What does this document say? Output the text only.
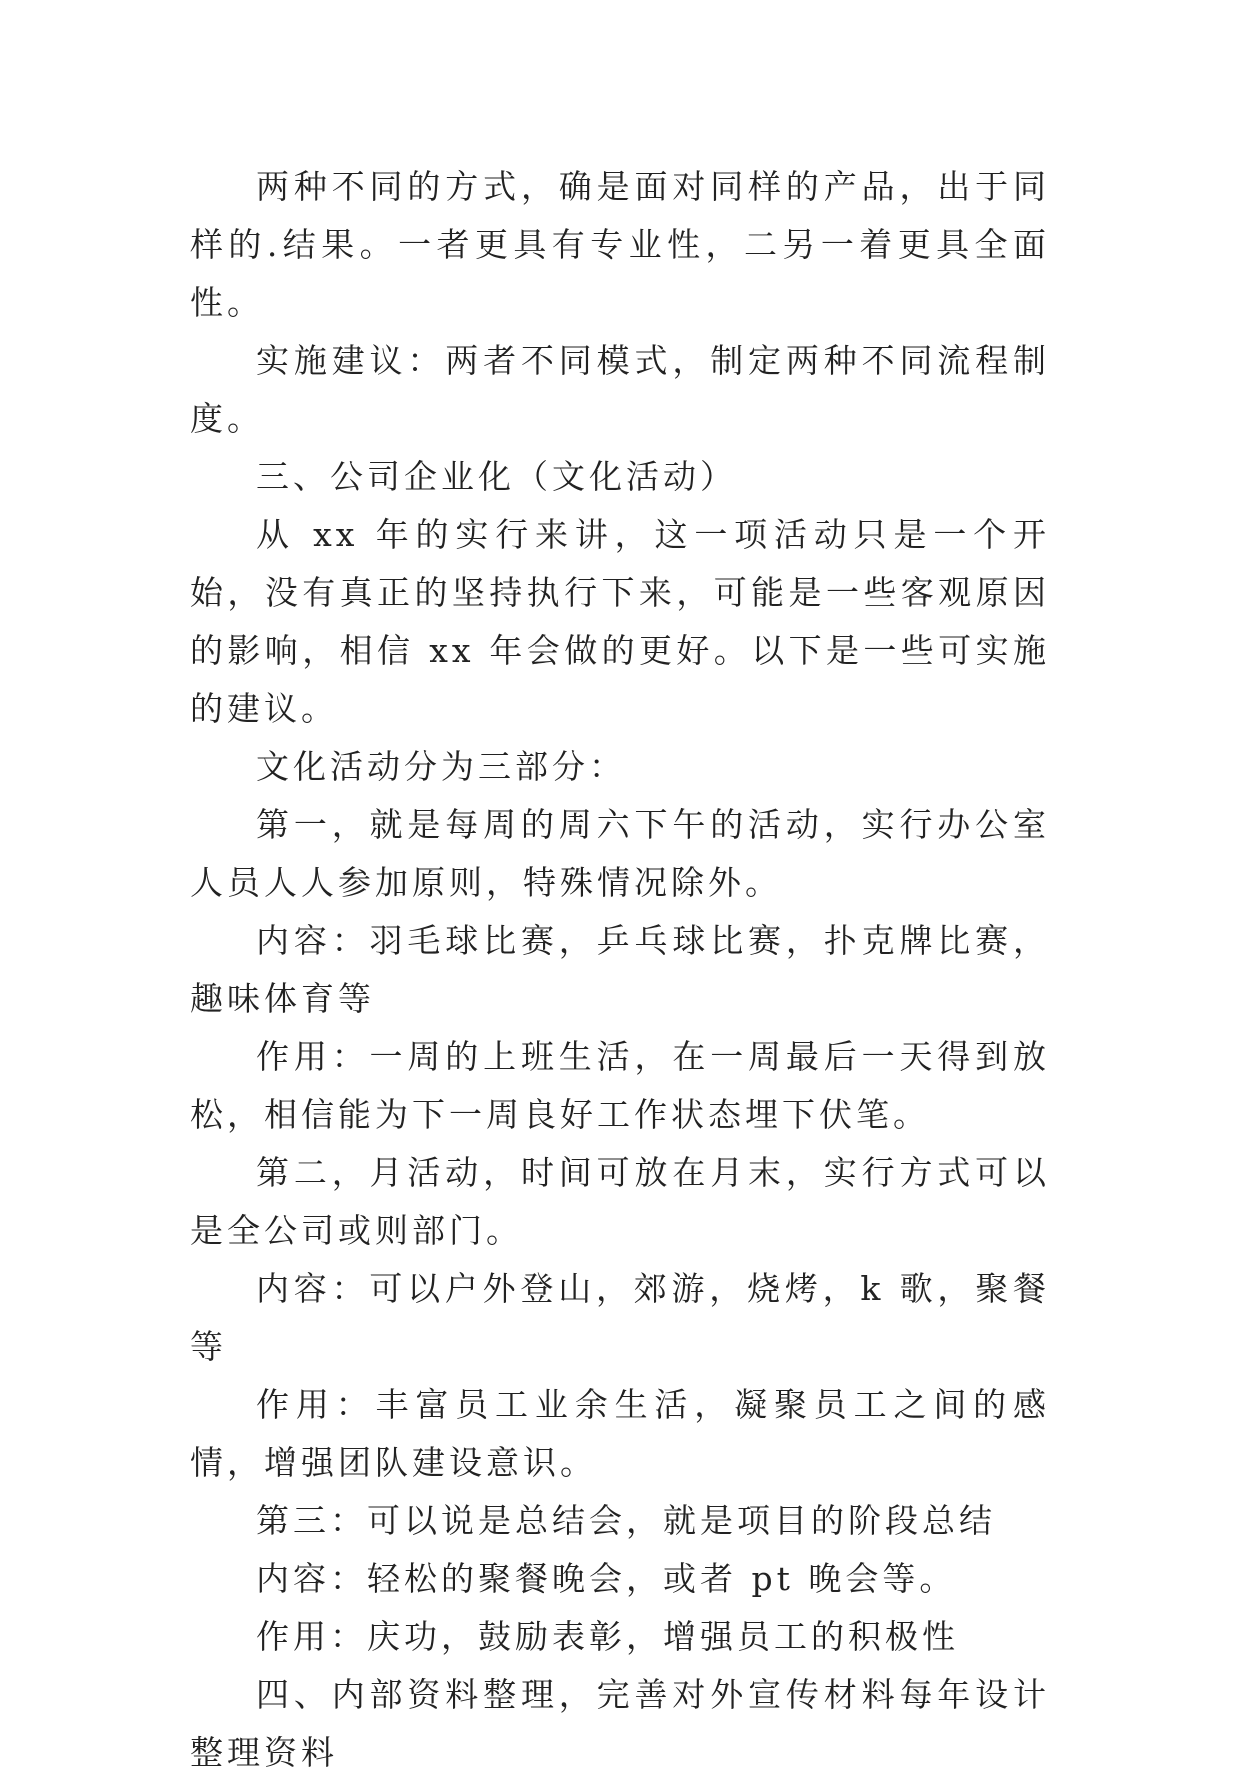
两种不同的方式，确是面对同样的产品，出于同样的.结果。一者更具有专业性，二另一着更具全面性。

实施建议：两者不同模式，制定两种不同流程制度。

三、公司企业化（文化活动）

从 xx 年的实行来讲，这一项活动只是一个开始，没有真正的坚持执行下来，可能是一些客观原因的影响，相信 xx 年会做的更好。以下是一些可实施的建议。

文化活动分为三部分：

第一，就是每周的周六下午的活动，实行办公室人员人人参加原则，特殊情况除外。

内容：羽毛球比赛，乒乓球比赛，扑克牌比赛，趣味体育等

作用：一周的上班生活，在一周最后一天得到放松，相信能为下一周良好工作状态埋下伏笔。

第二，月活动，时间可放在月末，实行方式可以是全公司或则部门。

内容：可以户外登山，郊游，烧烤，k 歌，聚餐等

作用：丰富员工业余生活，凝聚员工之间的感情，增强团队建设意识。

第三：可以说是总结会，就是项目的阶段总结

内容：轻松的聚餐晚会，或者 pt 晚会等。

作用：庆功，鼓励表彰，增强员工的积极性

四、内部资料整理，完善对外宣传材料每年设计整理资料
